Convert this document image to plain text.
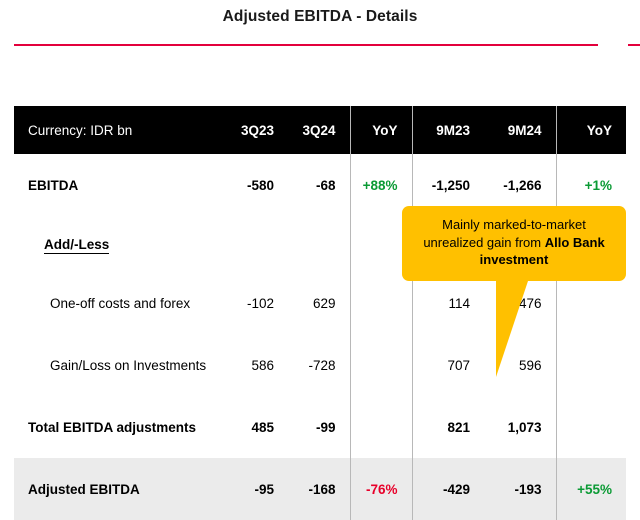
Adjusted EBITDA - Details
Currency: IDR bn	3Q23	3Q24	YoY	9M23	9M24	YoY
EBITDA	-580	-68	+88%	-1,250	-1,266	+1%
Add/-Less						
One-off costs and forex	-102	629		114	476	
Gain/Loss on Investments	586	-728		707	596	
Total EBITDA adjustments	485	-99		821	1,073	
Adjusted EBITDA	-95	-168	-76%	-429	-193	+55%
Mainly marked-to-market unrealized gain from Allo Bank investment
